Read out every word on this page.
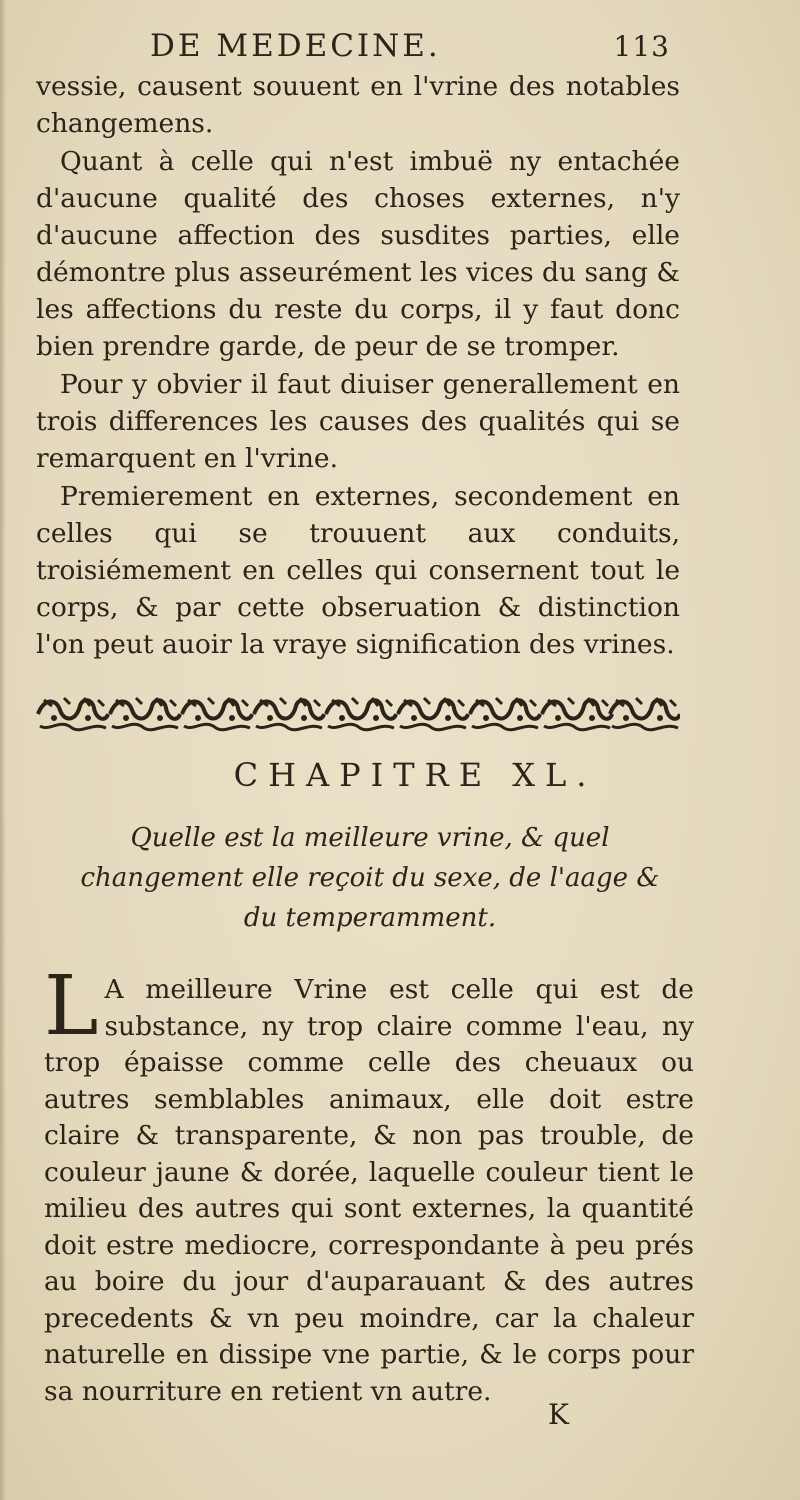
DE MEDECINE.	113

vessie, causent souuent en l'vrine des notables changemens.

Quant à celle qui n'est imbuë ny entachée d'aucune qualité des choses externes, n'y d'aucune affection des susdites parties, elle démontre plus asseurément les vices du sang & les affections du reste du corps, il y faut donc bien prendre garde, de peur de se tromper.

Pour y obvier il faut diuiser generallement en trois differences les causes des qualités qui se remarquent en l'vrine.

Premierement en externes, secondement en celles qui se trouuent aux conduits, troisiémement en celles qui consernent tout le corps, & par cette obseruation & distinction l'on peut auoir la vraye signification des vrines.

CHAPITRE XL.
Quelle est la meilleure vrine, & quel changement elle reçoit du sexe, de l'aage & du temperamment.

L A meilleure Vrine est celle qui est de substance, ny trop claire comme l'eau, ny trop épaisse comme celle des cheuaux ou autres semblables animaux, elle doit estre claire & transparente, & non pas trouble, de couleur jaune & dorée, laquelle couleur tient le milieu des autres qui sont externes, la quantité doit estre mediocre, correspondante à peu prés au boire du jour d'auparauant & des autres precedents & vn peu moindre, car la chaleur naturelle en dissipe vne partie, & le corps pour sa nourriture en retient vn autre.

K
